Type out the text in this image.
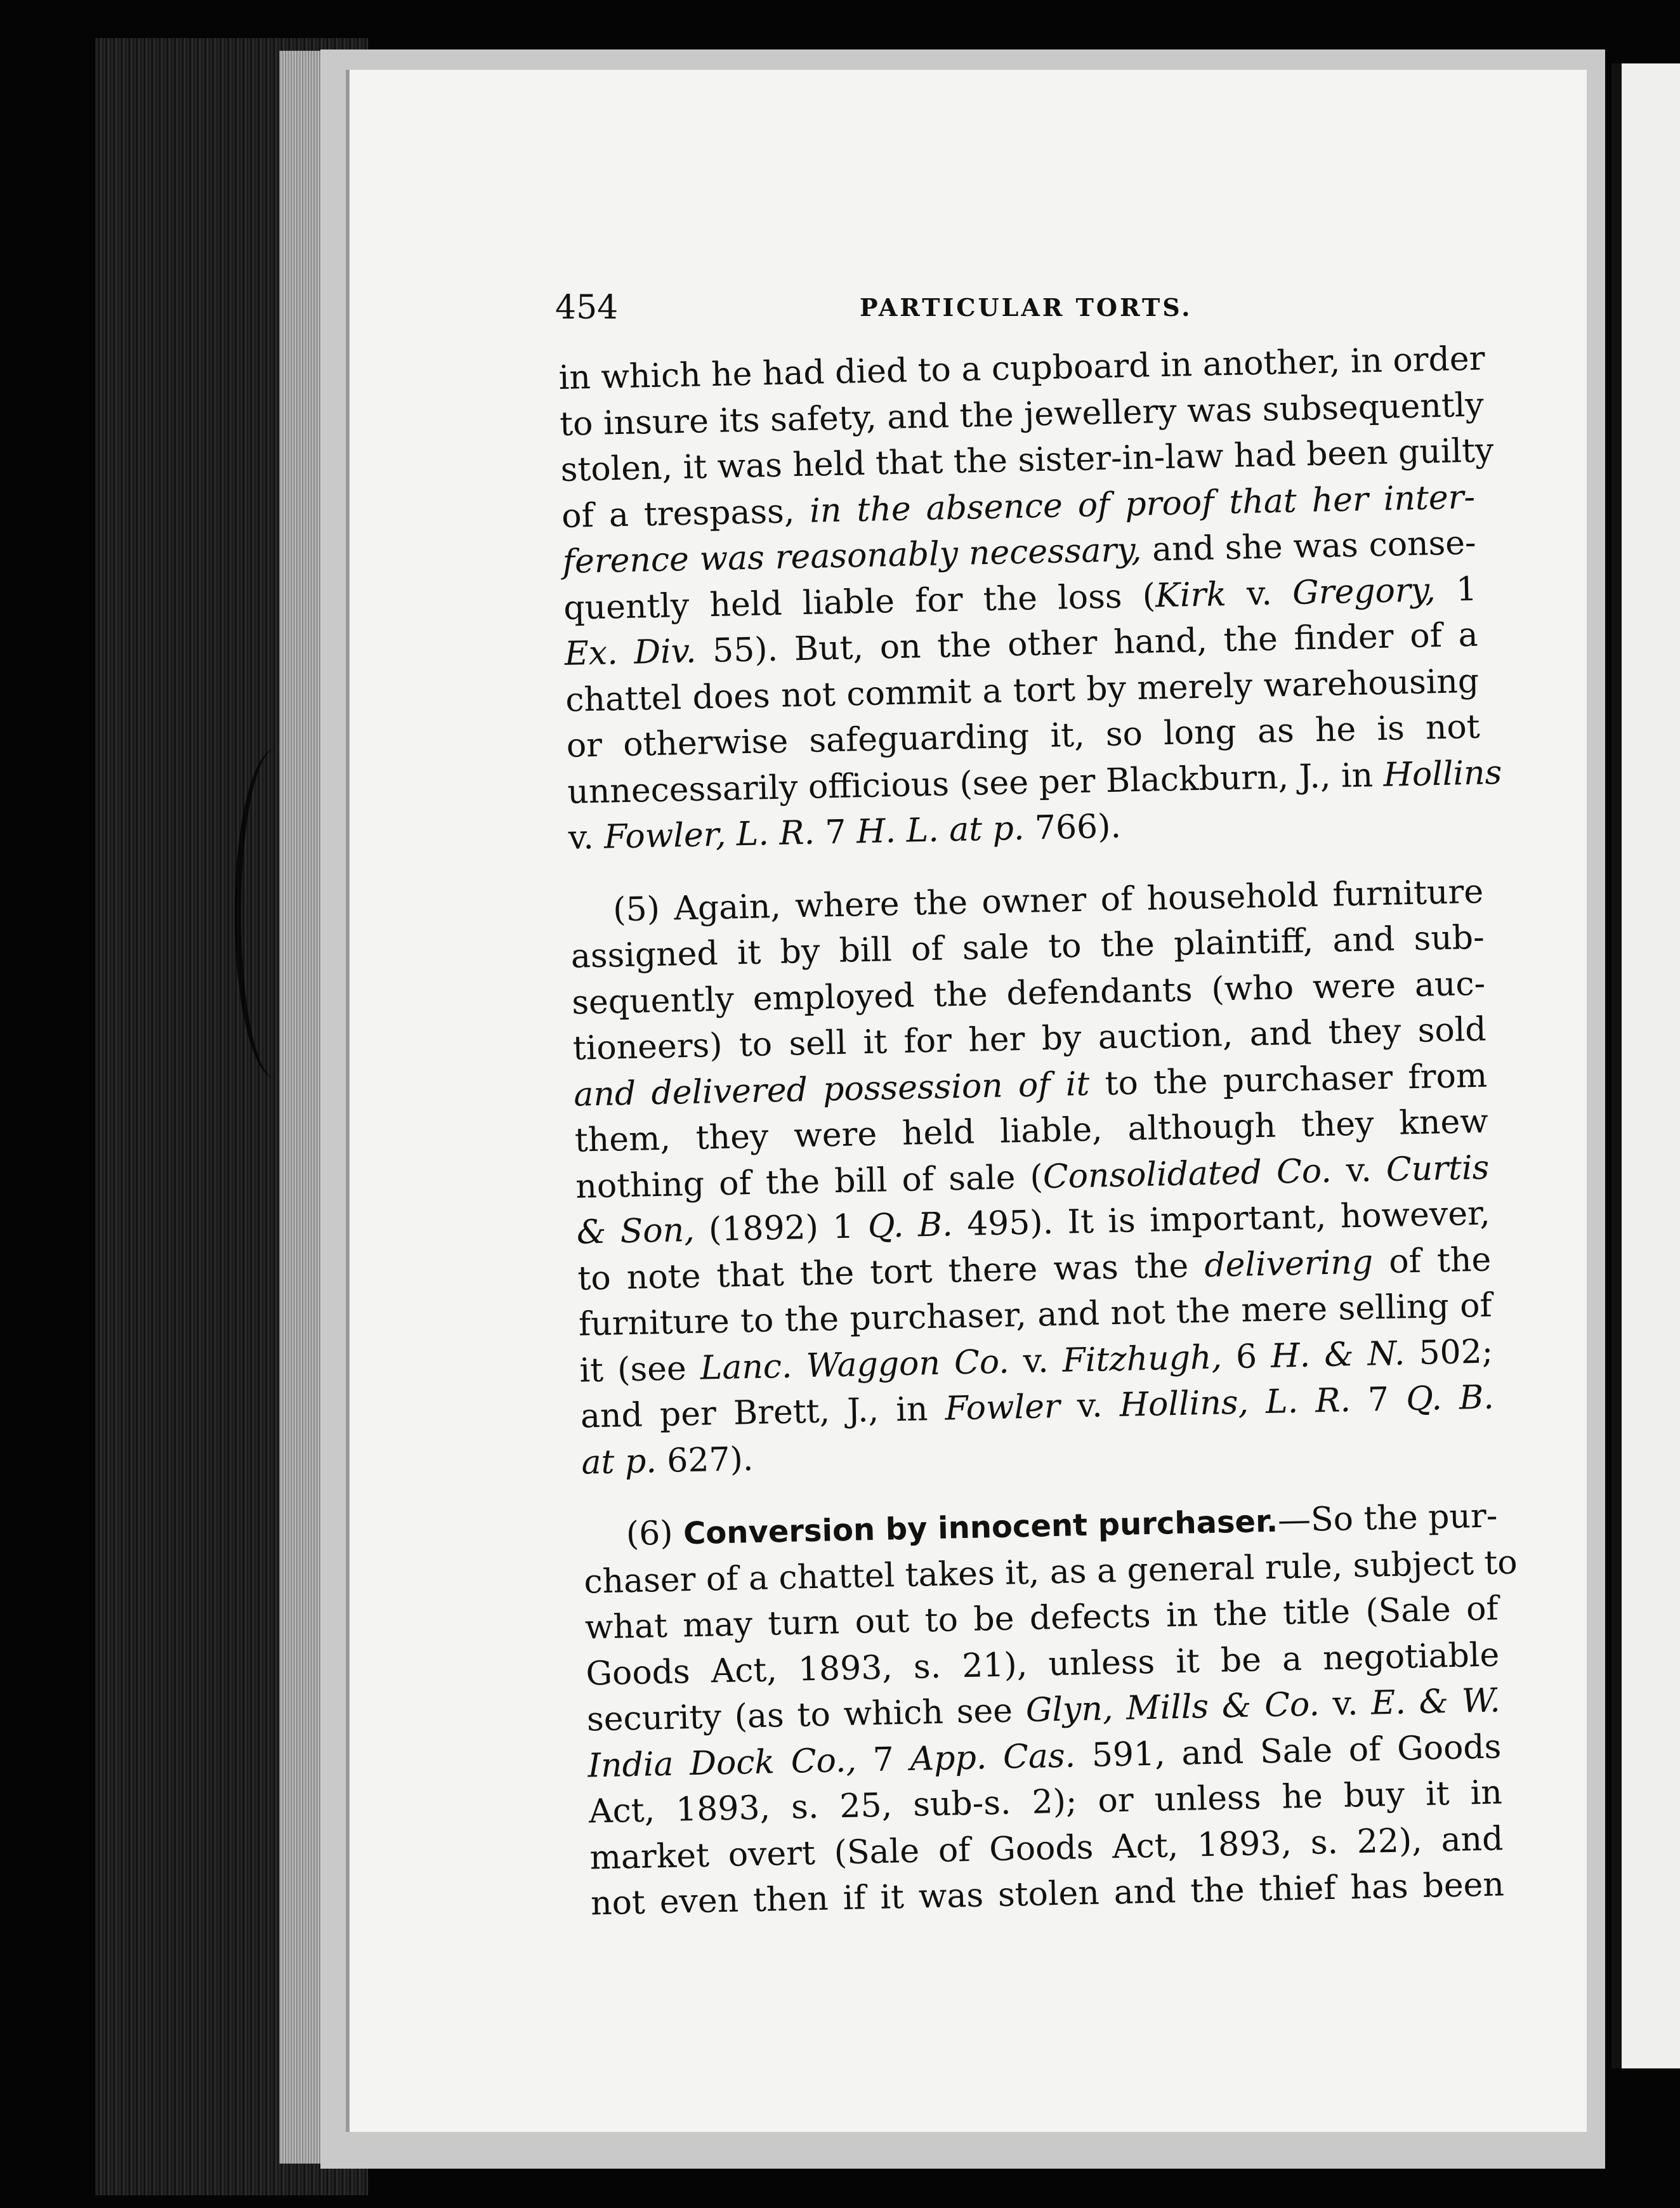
454	PARTICULAR TORTS.

in which he had died to a cupboard in another, in order
to insure its safety, and the jewellery was subsequently
stolen, it was held that the sister-in-law had been guilty
of a trespass, in the absence of proof that her inter-
ference was reasonably necessary, and she was conse-
quently held liable for the loss (Kirk v. Gregory, 1
Ex. Div. 55). But, on the other hand, the finder of a
chattel does not commit a tort by merely warehousing
or otherwise safeguarding it, so long as he is not
unnecessarily officious (see per Blackburn, J., in Hollins
v. Fowler, L. R. 7 H. L. at p. 766).

(5) Again, where the owner of household furniture
assigned it by bill of sale to the plaintiff, and sub-
sequently employed the defendants (who were auc-
tioneers) to sell it for her by auction, and they sold
and delivered possession of it to the purchaser from
them, they were held liable, although they knew
nothing of the bill of sale (Consolidated Co. v. Curtis
& Son, (1892) 1 Q. B. 495). It is important, however,
to note that the tort there was the delivering of the
furniture to the purchaser, and not the mere selling of
it (see Lanc. Waggon Co. v. Fitzhugh, 6 H. & N. 502;
and per Brett, J., in Fowler v. Hollins, L. R. 7 Q. B.
at p. 627).

(6) Conversion by innocent purchaser.—So the pur-
chaser of a chattel takes it, as a general rule, subject to
what may turn out to be defects in the title (Sale of
Goods Act, 1893, s. 21), unless it be a negotiable
security (as to which see Glyn, Mills & Co. v. E. & W.
India Dock Co., 7 App. Cas. 591, and Sale of Goods
Act, 1893, s. 25, sub-s. 2); or unless he buy it in
market overt (Sale of Goods Act, 1893, s. 22), and
not even then if it was stolen and the thief has been
